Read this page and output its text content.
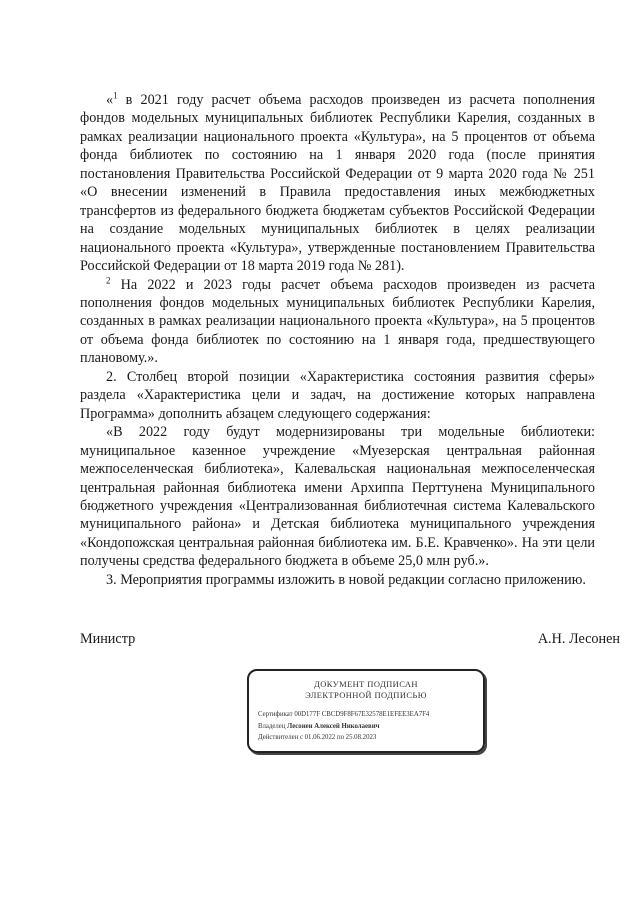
«$^1$ в 2021 году расчет объема расходов произведен из расчета пополнения фондов модельных муниципальных библиотек Республики Карелия, созданных в рамках реализации национального проекта «Культура», на 5 процентов от объема фонда библиотек по состоянию на 1 января 2020 года (после принятия постановления Правительства Российской Федерации от 9 марта 2020 года № 251 «О внесении изменений в Правила предоставления иных межбюджетных трансфертов из федерального бюджета бюджетам субъектов Российской Федерации на создание модельных муниципальных библиотек в целях реализации национального проекта «Культура», утвержденные постановлением Правительства Российской Федерации от 18 марта 2019 года № 281).

$^2$ На 2022 и 2023 годы расчет объема расходов произведен из расчета пополнения фондов модельных муниципальных библиотек Республики Карелия, созданных в рамках реализации национального проекта «Культура», на 5 процентов от объема фонда библиотек по состоянию на 1 января года, предшествующего плановому.».

2. Столбец второй позиции «Характеристика состояния развития сферы» раздела «Характеристика цели и задач, на достижение которых направлена Программа» дополнить абзацем следующего содержания:

«В 2022 году будут модернизированы три модельные библиотеки: муниципальное казенное учреждение «Муезерская центральная районная межпоселенческая библиотека», Калевальская национальная межпоселенческая центральная районная библиотека имени Архиппа Перттунена Муниципального бюджетного учреждения «Централизованная библиотечная система Калевальского муниципального района» и Детская библиотека муниципального учреждения «Кондопожская центральная районная библиотека им. Б.Е. Кравченко». На эти цели получены средства федерального бюджета в объеме 25,0 млн руб.».

3. Мероприятия программы изложить в новой редакции согласно приложению.

Министр	А.Н. Лесонен
ДОКУМЕНТ ПОДПИСАН
ЭЛЕКТРОННОЙ ПОДПИСЬЮ
Сертификат 00D177F CBCD9F8F67E32578E1EFEE3EA7F4
Владелец Лесонен Алексей Николаевич
Действителен с 01.06.2022 по 25.08.2023
